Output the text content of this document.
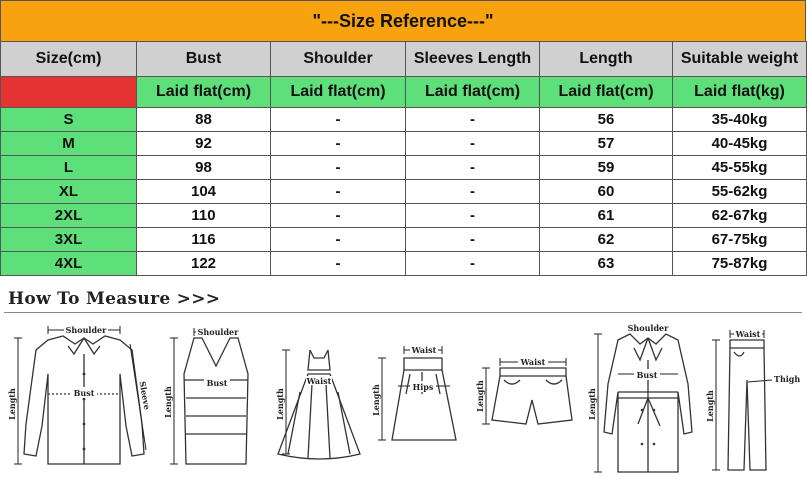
"---Size Reference---"
Size(cm)	Bust	Shoulder	Sleeves Length	Length	Suitable weight
	Laid flat(cm)	Laid flat(cm)	Laid flat(cm)	Laid flat(cm)	Laid flat(kg)
S	88	-	-	56	35-40kg
M	92	-	-	57	40-45kg
L	98	-	-	59	45-55kg
XL	104	-	-	60	55-62kg
2XL	110	-	-	61	62-67kg
3XL	116	-	-	62	67-75kg
4XL	122	-	-	63	75-87kg
How To Measure >>>
Shoulder
Bust
Length	Sleeve
Shoulder
Bust
Length
Waist
Length
Waist
Hips
Length
Waist
Length
Shoulder
Bust
Length
Waist
Thigh
Length
